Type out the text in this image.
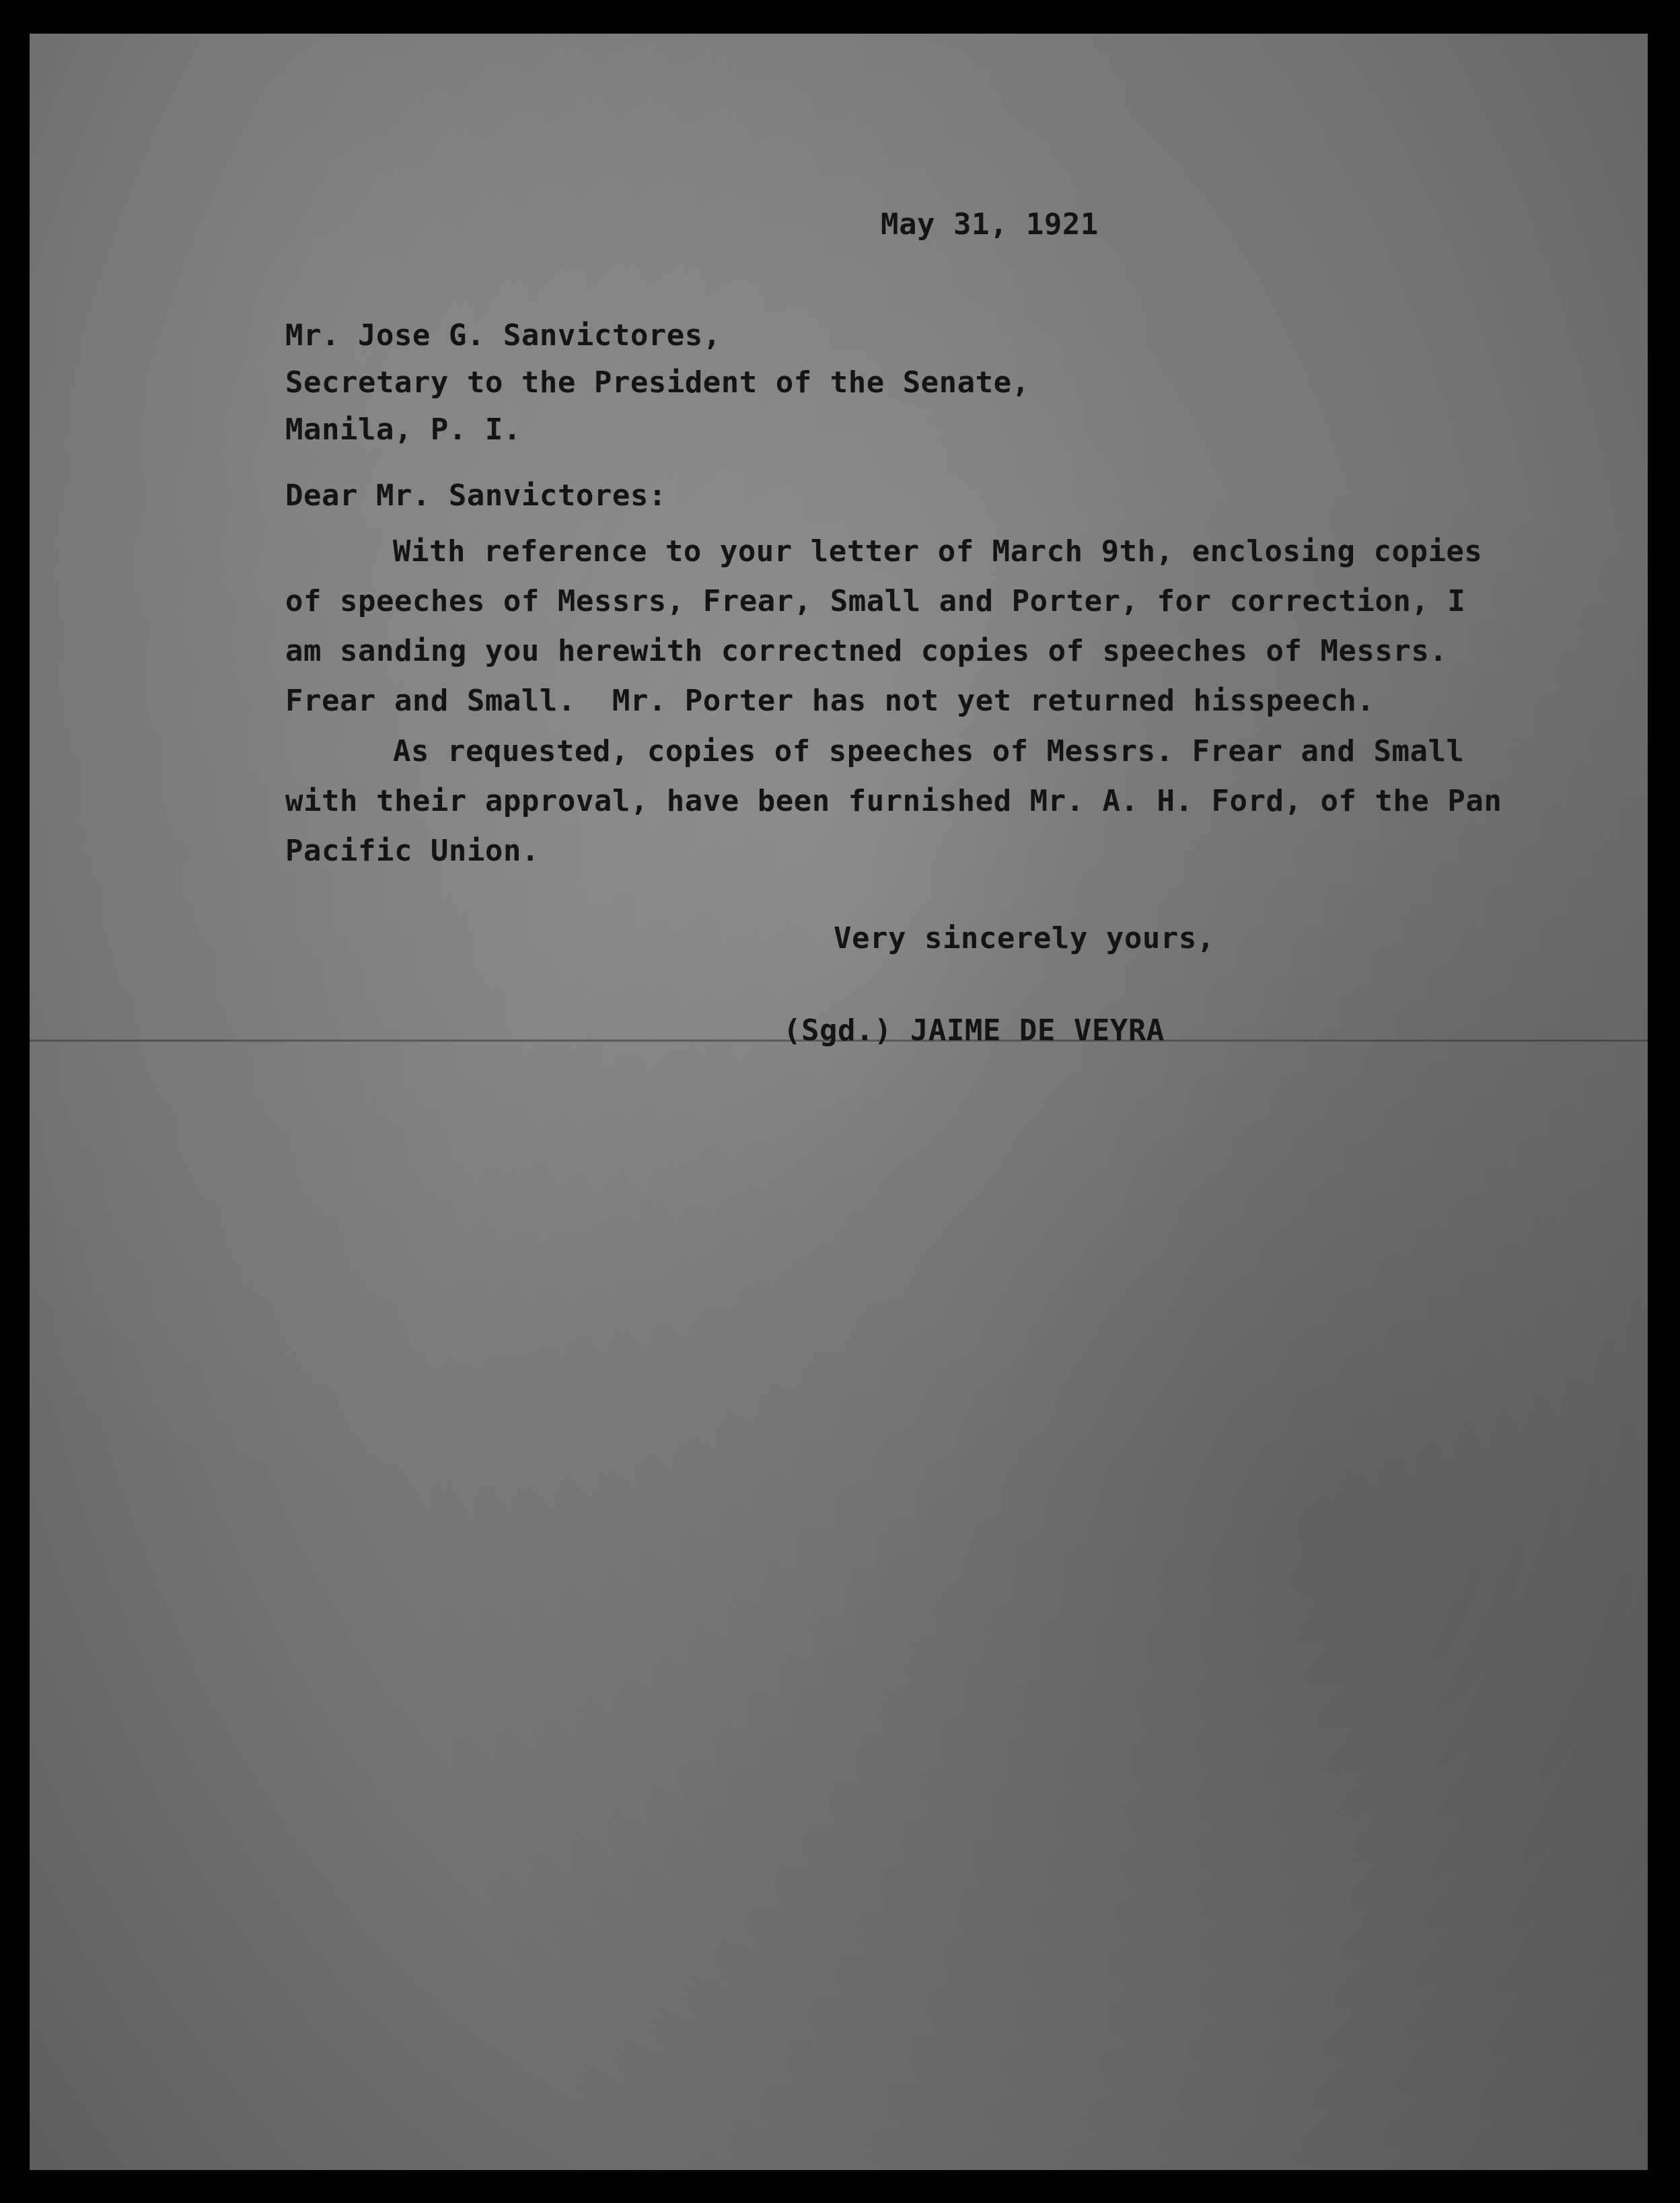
May 31, 1921
Mr. Jose G. Sanvictores,
Secretary to the President of the Senate,
Manila, P. I.
Dear Mr. Sanvictores:
With reference to your letter of March 9th, enclosing copies
of speeches of Messrs, Frear, Small and Porter, for correction, I
am sanding you herewith correctned copies of speeches of Messrs.
Frear and Small.  Mr. Porter has not yet returned hisspeech.
As requested, copies of speeches of Messrs. Frear and Small
with their approval, have been furnished Mr. A. H. Ford, of the Pan
Pacific Union.
Very sincerely yours,
(Sgd.) JAIME DE VEYRA
